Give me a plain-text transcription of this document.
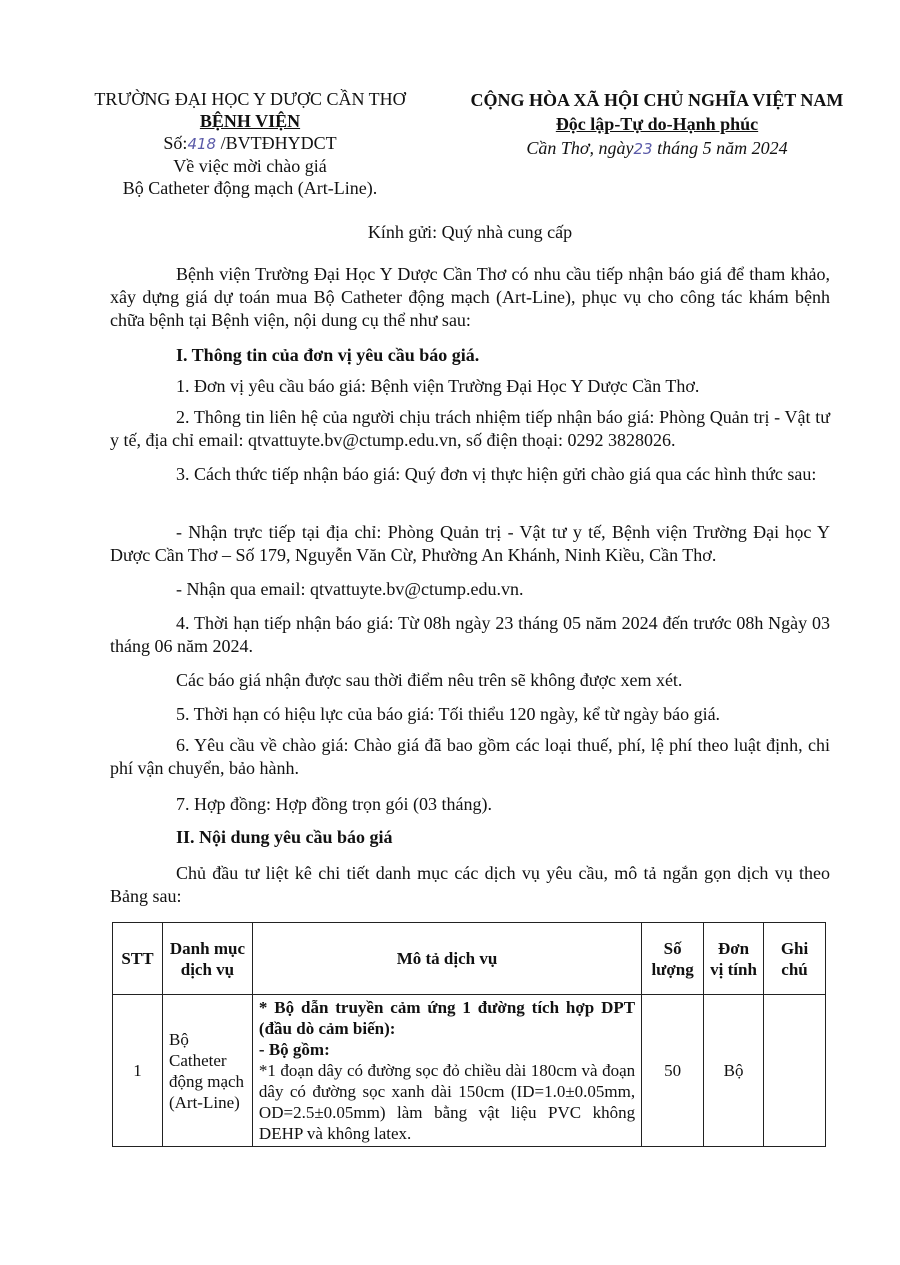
TRƯỜNG ĐẠI HỌC Y DƯỢC CẦN THƠ
BỆNH VIỆN
Số:418 /BVTĐHYDCT
Về việc mời chào giá
Bộ Catheter động mạch (Art-Line).
CỘNG HÒA XÃ HỘI CHỦ NGHĨA VIỆT NAM
Độc lập-Tự do-Hạnh phúc
Cần Thơ, ngày23 tháng 5 năm 2024
Kính gửi: Quý nhà cung cấp
Bệnh viện Trường Đại Học Y Dược Cần Thơ có nhu cầu tiếp nhận báo giá để tham khảo, xây dựng giá dự toán mua Bộ Catheter động mạch (Art-Line), phục vụ cho công tác khám bệnh chữa bệnh tại Bệnh viện, nội dung cụ thể như sau:
I. Thông tin của đơn vị yêu cầu báo giá.
1. Đơn vị yêu cầu báo giá: Bệnh viện Trường Đại Học Y Dược Cần Thơ.
2. Thông tin liên hệ của người chịu trách nhiệm tiếp nhận báo giá: Phòng Quản trị - Vật tư y tế, địa chỉ email: qtvattuyte.bv@ctump.edu.vn, số điện thoại: 0292 3828026.
3. Cách thức tiếp nhận báo giá: Quý đơn vị thực hiện gửi chào giá qua các hình thức sau:
- Nhận trực tiếp tại địa chỉ: Phòng Quản trị - Vật tư y tế, Bệnh viện Trường Đại học Y Dược Cần Thơ – Số 179, Nguyễn Văn Cừ, Phường An Khánh, Ninh Kiều, Cần Thơ.
- Nhận qua email: qtvattuyte.bv@ctump.edu.vn.
4. Thời hạn tiếp nhận báo giá: Từ 08h ngày 23 tháng 05 năm 2024 đến trước 08h Ngày 03 tháng 06 năm 2024.
Các báo giá nhận được sau thời điểm nêu trên sẽ không được xem xét.
5. Thời hạn có hiệu lực của báo giá: Tối thiểu 120 ngày, kể từ ngày báo giá.
6. Yêu cầu về chào giá: Chào giá đã bao gồm các loại thuế, phí, lệ phí theo luật định, chi phí vận chuyển, bảo hành.
7. Hợp đồng: Hợp đồng trọn gói (03 tháng).
II. Nội dung yêu cầu báo giá
Chủ đầu tư liệt kê chi tiết danh mục các dịch vụ yêu cầu, mô tả ngắn gọn dịch vụ theo Bảng sau:
STT	Danh mục dịch vụ	Mô tả dịch vụ	Số lượng	Đơn vị tính	Ghi chú
1	Bộ Catheter động mạch (Art-Line)	* Bộ dẫn truyền cảm ứng 1 đường tích hợp DPT (đầu dò cảm biến):
- Bộ gồm:
*1 đoạn dây có đường sọc đỏ chiều dài 180cm và đoạn dây có đường sọc xanh dài 150cm (ID=1.0±0.05mm, OD=2.5±0.05mm) làm bằng vật liệu PVC không DEHP và không latex.	50	Bộ	
